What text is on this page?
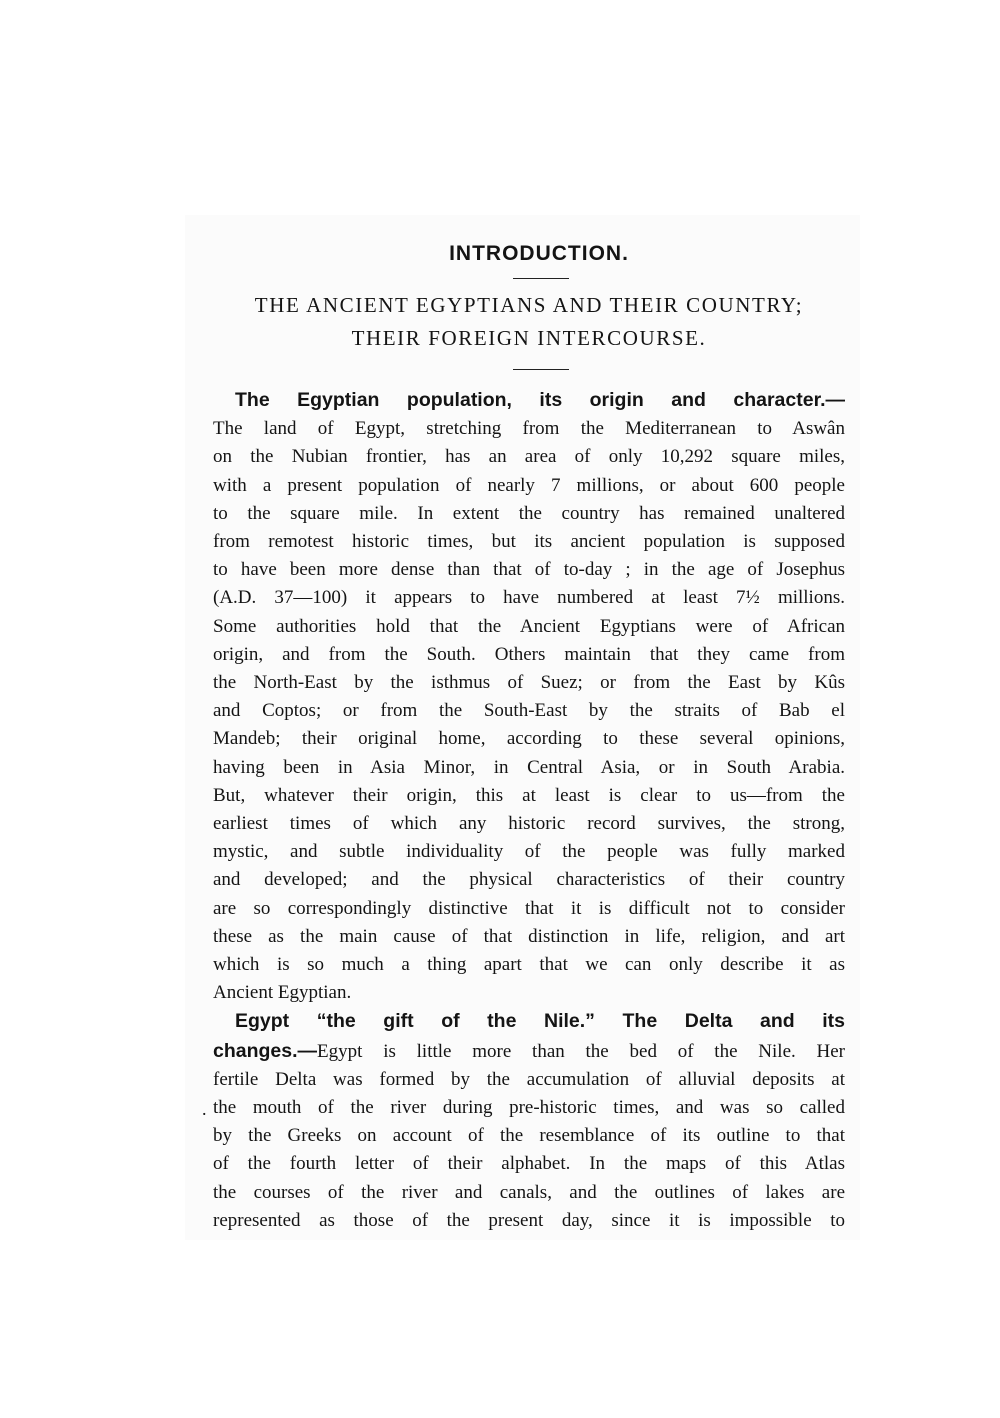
.
INTRODUCTION.
THE ANCIENT EGYPTIANS AND THEIR COUNTRY;
THEIR FOREIGN INTERCOURSE.
The Egyptian population, its origin and character.—
The land of Egypt, stretching from the Mediterranean to Aswân
on the Nubian frontier, has an area of only 10,292 square miles,
with a present population of nearly 7 millions, or about 600 people
to the square mile. In extent the country has remained unaltered
from remotest historic times, but its ancient population is supposed
to have been more dense than that of to-day ; in the age of Josephus
(A.D. 37—100) it appears to have numbered at least 7½ millions.
Some authorities hold that the Ancient Egyptians were of African
origin, and from the South. Others maintain that they came from
the North-East by the isthmus of Suez; or from the East by Kûs
and Coptos; or from the South-East by the straits of Bab el
Mandeb; their original home, according to these several opinions,
having been in Asia Minor, in Central Asia, or in South Arabia.
But, whatever their origin, this at least is clear to us—from the
earliest times of which any historic record survives, the strong,
mystic, and subtle individuality of the people was fully marked
and developed; and the physical characteristics of their country
are so correspondingly distinctive that it is difficult not to consider
these as the main cause of that distinction in life, religion, and art
which is so much a thing apart that we can only describe it as
Ancient Egyptian.
Egypt “the gift of the Nile.” The Delta and its
changes.—Egypt is little more than the bed of the Nile. Her
fertile Delta was formed by the accumulation of alluvial deposits at
the mouth of the river during pre-historic times, and was so called
by the Greeks on account of the resemblance of its outline to that
of the fourth letter of their alphabet. In the maps of this Atlas
the courses of the river and canals, and the outlines of lakes are
represented as those of the present day, since it is impossible to
